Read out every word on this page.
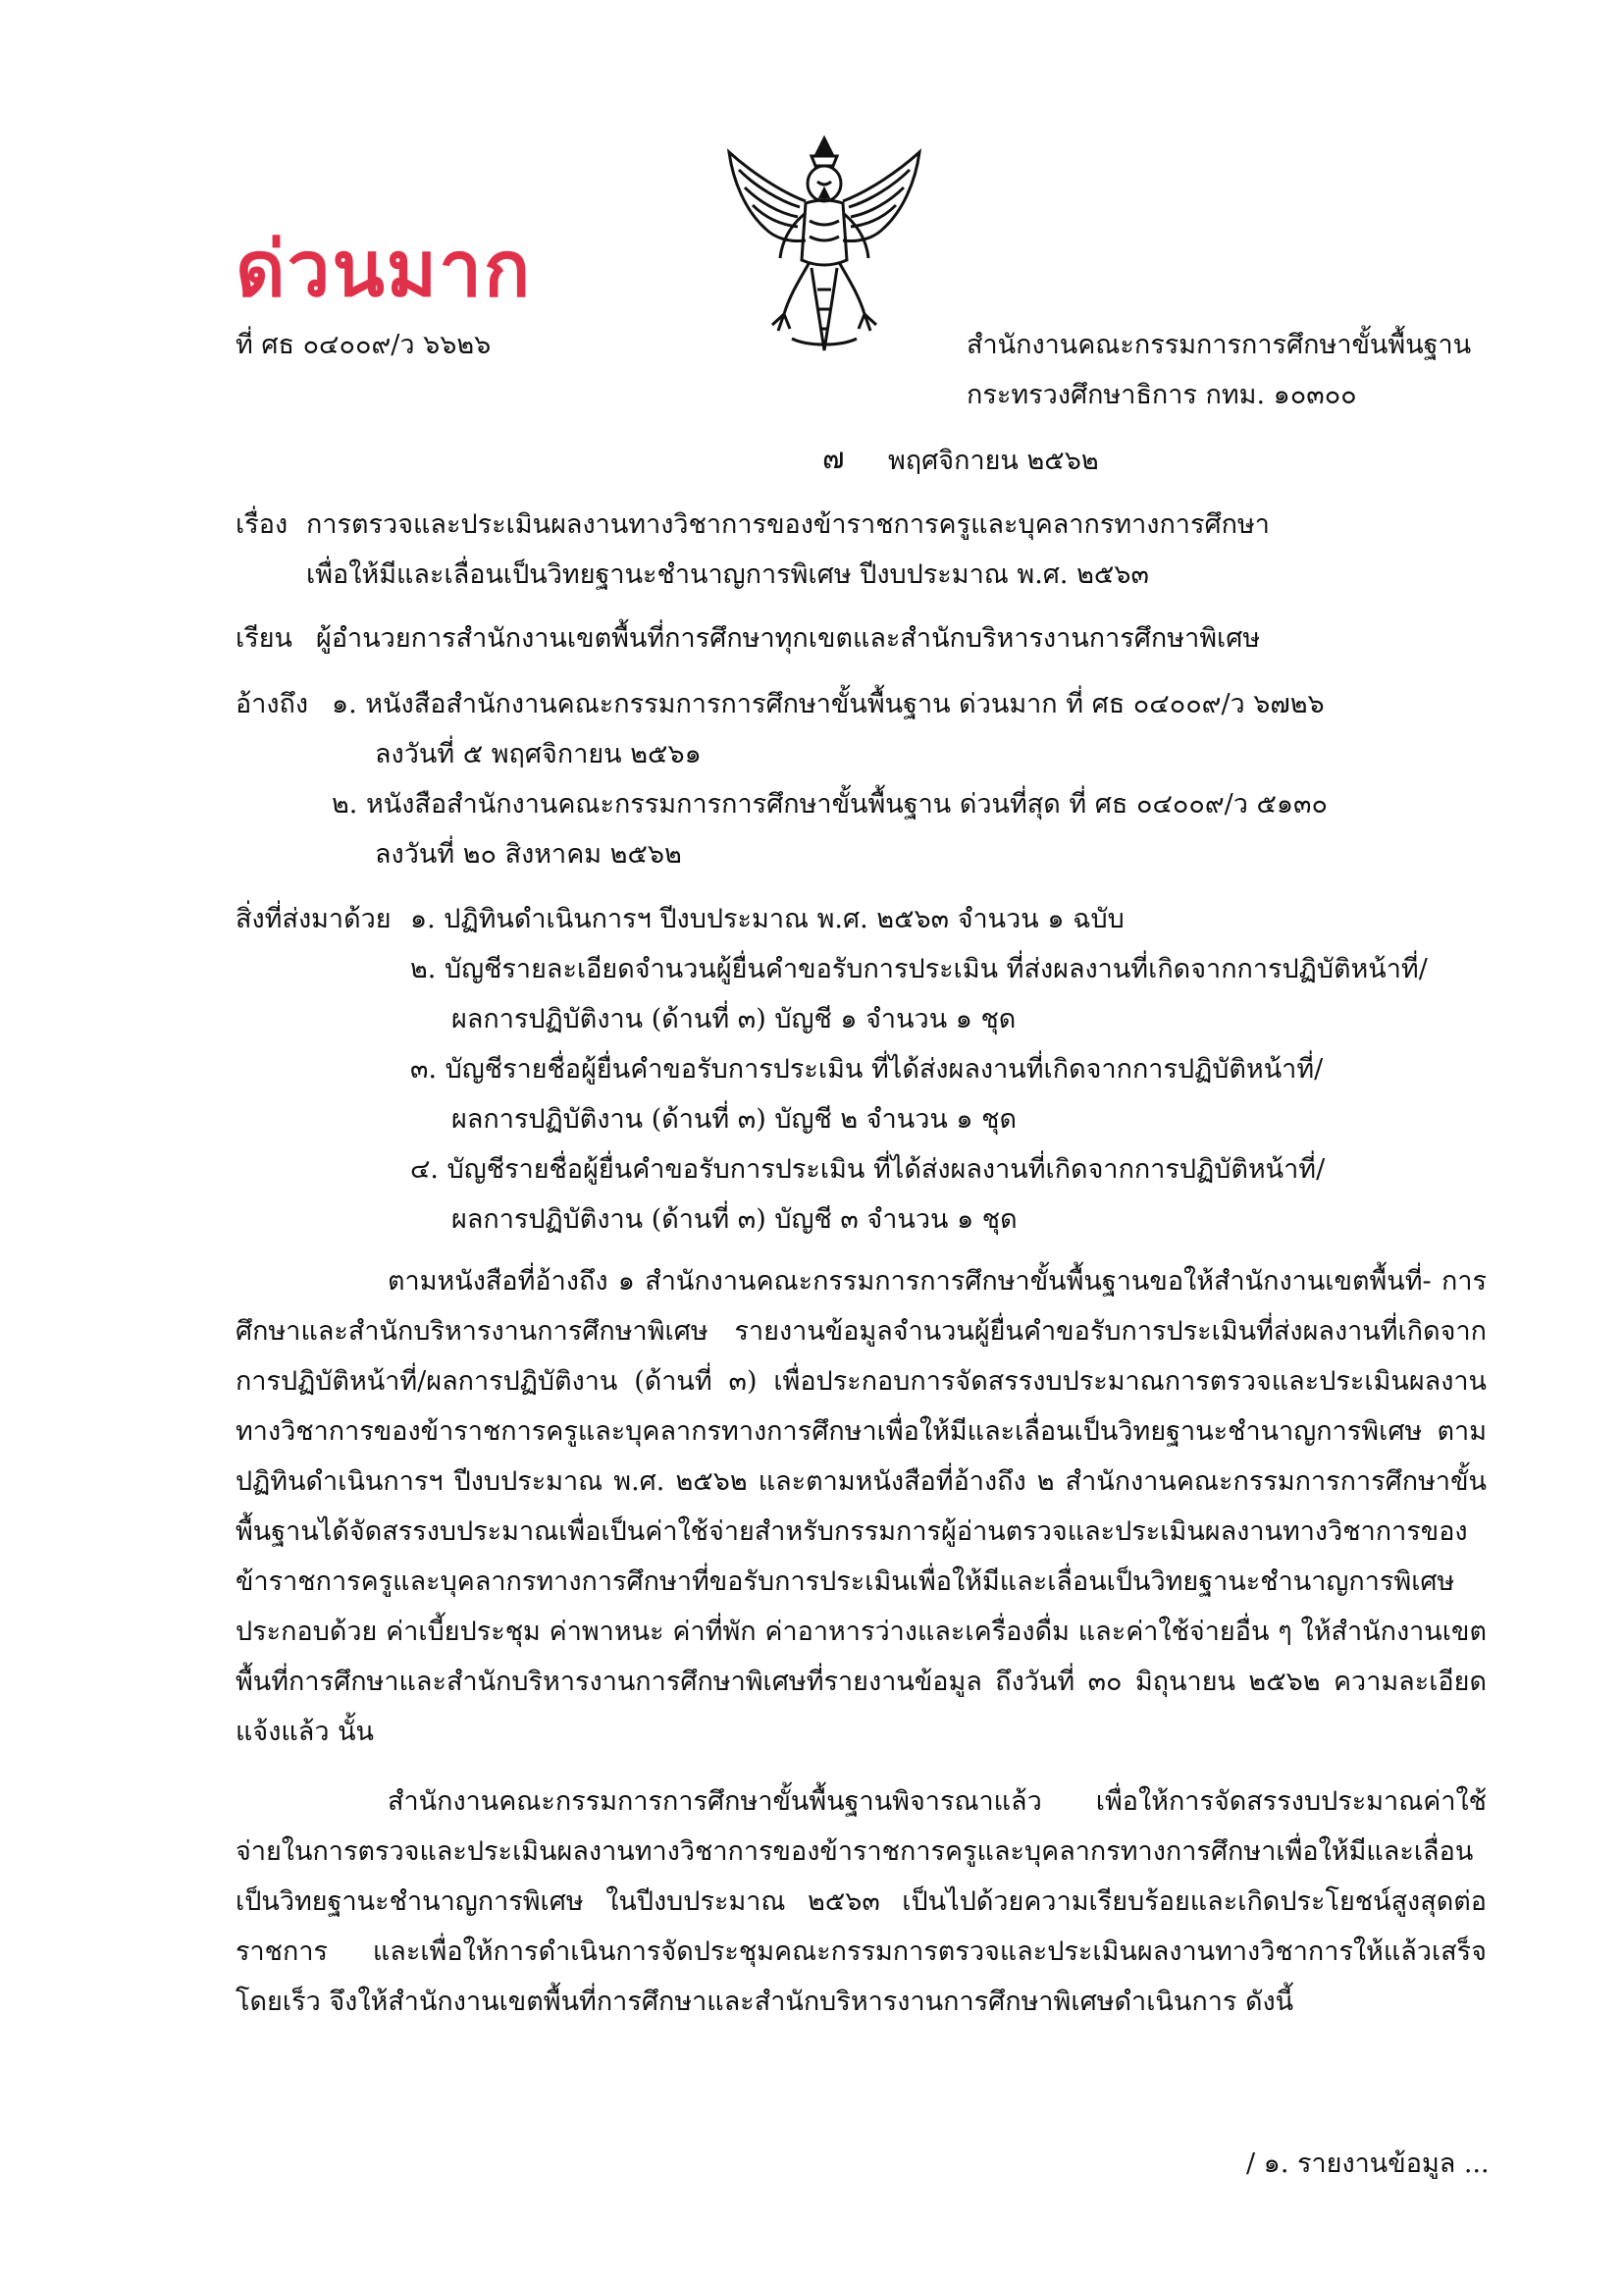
ด่วนมาก
ที่ ศธ ๐๔๐๐๙/ว ๖๖๒๖	สำนักงานคณะกรรมการการศึกษาขั้นพื้นฐาน
กระทรวงศึกษาธิการ กทม. ๑๐๓๐๐
๗ พฤศจิกายน ๒๕๖๒
เรื่อง การตรวจและประเมินผลงานทางวิชาการของข้าราชการครูและบุคลากรทางการศึกษา
เพื่อให้มีและเลื่อนเป็นวิทยฐานะชำนาญการพิเศษ ปีงบประมาณ พ.ศ. ๒๕๖๓
เรียน ผู้อำนวยการสำนักงานเขตพื้นที่การศึกษาทุกเขตและสำนักบริหารงานการศึกษาพิเศษ
อ้างถึง ๑. หนังสือสำนักงานคณะกรรมการการศึกษาขั้นพื้นฐาน ด่วนมาก ที่ ศธ ๐๔๐๐๙/ว ๖๗๒๖
ลงวันที่ ๕ พฤศจิกายน ๒๕๖๑
๒. หนังสือสำนักงานคณะกรรมการการศึกษาขั้นพื้นฐาน ด่วนที่สุด ที่ ศธ ๐๔๐๐๙/ว ๕๑๓๐
ลงวันที่ ๒๐ สิงหาคม ๒๕๖๒
สิ่งที่ส่งมาด้วย ๑. ปฏิทินดำเนินการฯ ปีงบประมาณ พ.ศ. ๒๕๖๓ จำนวน ๑ ฉบับ
๒. บัญชีรายละเอียดจำนวนผู้ยื่นคำขอรับการประเมิน ที่ส่งผลงานที่เกิดจากการปฏิบัติหน้าที่/
ผลการปฏิบัติงาน (ด้านที่ ๓) บัญชี ๑ จำนวน ๑ ชุด
๓. บัญชีรายชื่อผู้ยื่นคำขอรับการประเมิน ที่ได้ส่งผลงานที่เกิดจากการปฏิบัติหน้าที่/
ผลการปฏิบัติงาน (ด้านที่ ๓) บัญชี ๒ จำนวน ๑ ชุด
๔. บัญชีรายชื่อผู้ยื่นคำขอรับการประเมิน ที่ได้ส่งผลงานที่เกิดจากการปฏิบัติหน้าที่/
ผลการปฏิบัติงาน (ด้านที่ ๓) บัญชี ๓ จำนวน ๑ ชุด
ตามหนังสือที่อ้างถึง ๑ สำนักงานคณะกรรมการการศึกษาขั้นพื้นฐานขอให้สำนักงานเขตพื้นที่- การศึกษาและสำนักบริหารงานการศึกษาพิเศษ รายงานข้อมูลจำนวนผู้ยื่นคำขอรับการประเมินที่ส่งผลงานที่เกิดจากการปฏิบัติหน้าที่/ผลการปฏิบัติงาน (ด้านที่ ๓) เพื่อประกอบการจัดสรรงบประมาณการตรวจและประเมินผลงานทางวิชาการของข้าราชการครูและบุคลากรทางการศึกษาเพื่อให้มีและเลื่อนเป็นวิทยฐานะชำนาญการพิเศษ ตามปฏิทินดำเนินการฯ ปีงบประมาณ พ.ศ. ๒๕๖๒ และตามหนังสือที่อ้างถึง ๒ สำนักงานคณะกรรมการการศึกษาขั้นพื้นฐานได้จัดสรรงบประมาณเพื่อเป็นค่าใช้จ่ายสำหรับกรรมการผู้อ่านตรวจและประเมินผลงานทางวิชาการของข้าราชการครูและบุคลากรทางการศึกษาที่ขอรับการประเมินเพื่อให้มีและเลื่อนเป็นวิทยฐานะชำนาญการพิเศษ ประกอบด้วย ค่าเบี้ยประชุม ค่าพาหนะ ค่าที่พัก ค่าอาหารว่างและเครื่องดื่ม และค่าใช้จ่ายอื่น ๆ ให้สำนักงานเขตพื้นที่การศึกษาและสำนักบริหารงานการศึกษาพิเศษที่รายงานข้อมูล ถึงวันที่ ๓๐ มิถุนายน ๒๕๖๒ ความละเอียดแจ้งแล้ว นั้น
สำนักงานคณะกรรมการการศึกษาขั้นพื้นฐานพิจารณาแล้ว เพื่อให้การจัดสรรงบประมาณค่าใช้จ่ายในการตรวจและประเมินผลงานทางวิชาการของข้าราชการครูและบุคลากรทางการศึกษาเพื่อให้มีและเลื่อนเป็นวิทยฐานะชำนาญการพิเศษ ในปีงบประมาณ ๒๕๖๓ เป็นไปด้วยความเรียบร้อยและเกิดประโยชน์สูงสุดต่อราชการ และเพื่อให้การดำเนินการจัดประชุมคณะกรรมการตรวจและประเมินผลงานทางวิชาการให้แล้วเสร็จโดยเร็ว จึงให้สำนักงานเขตพื้นที่การศึกษาและสำนักบริหารงานการศึกษาพิเศษดำเนินการ ดังนี้
/ ๑. รายงานข้อมูล ...
